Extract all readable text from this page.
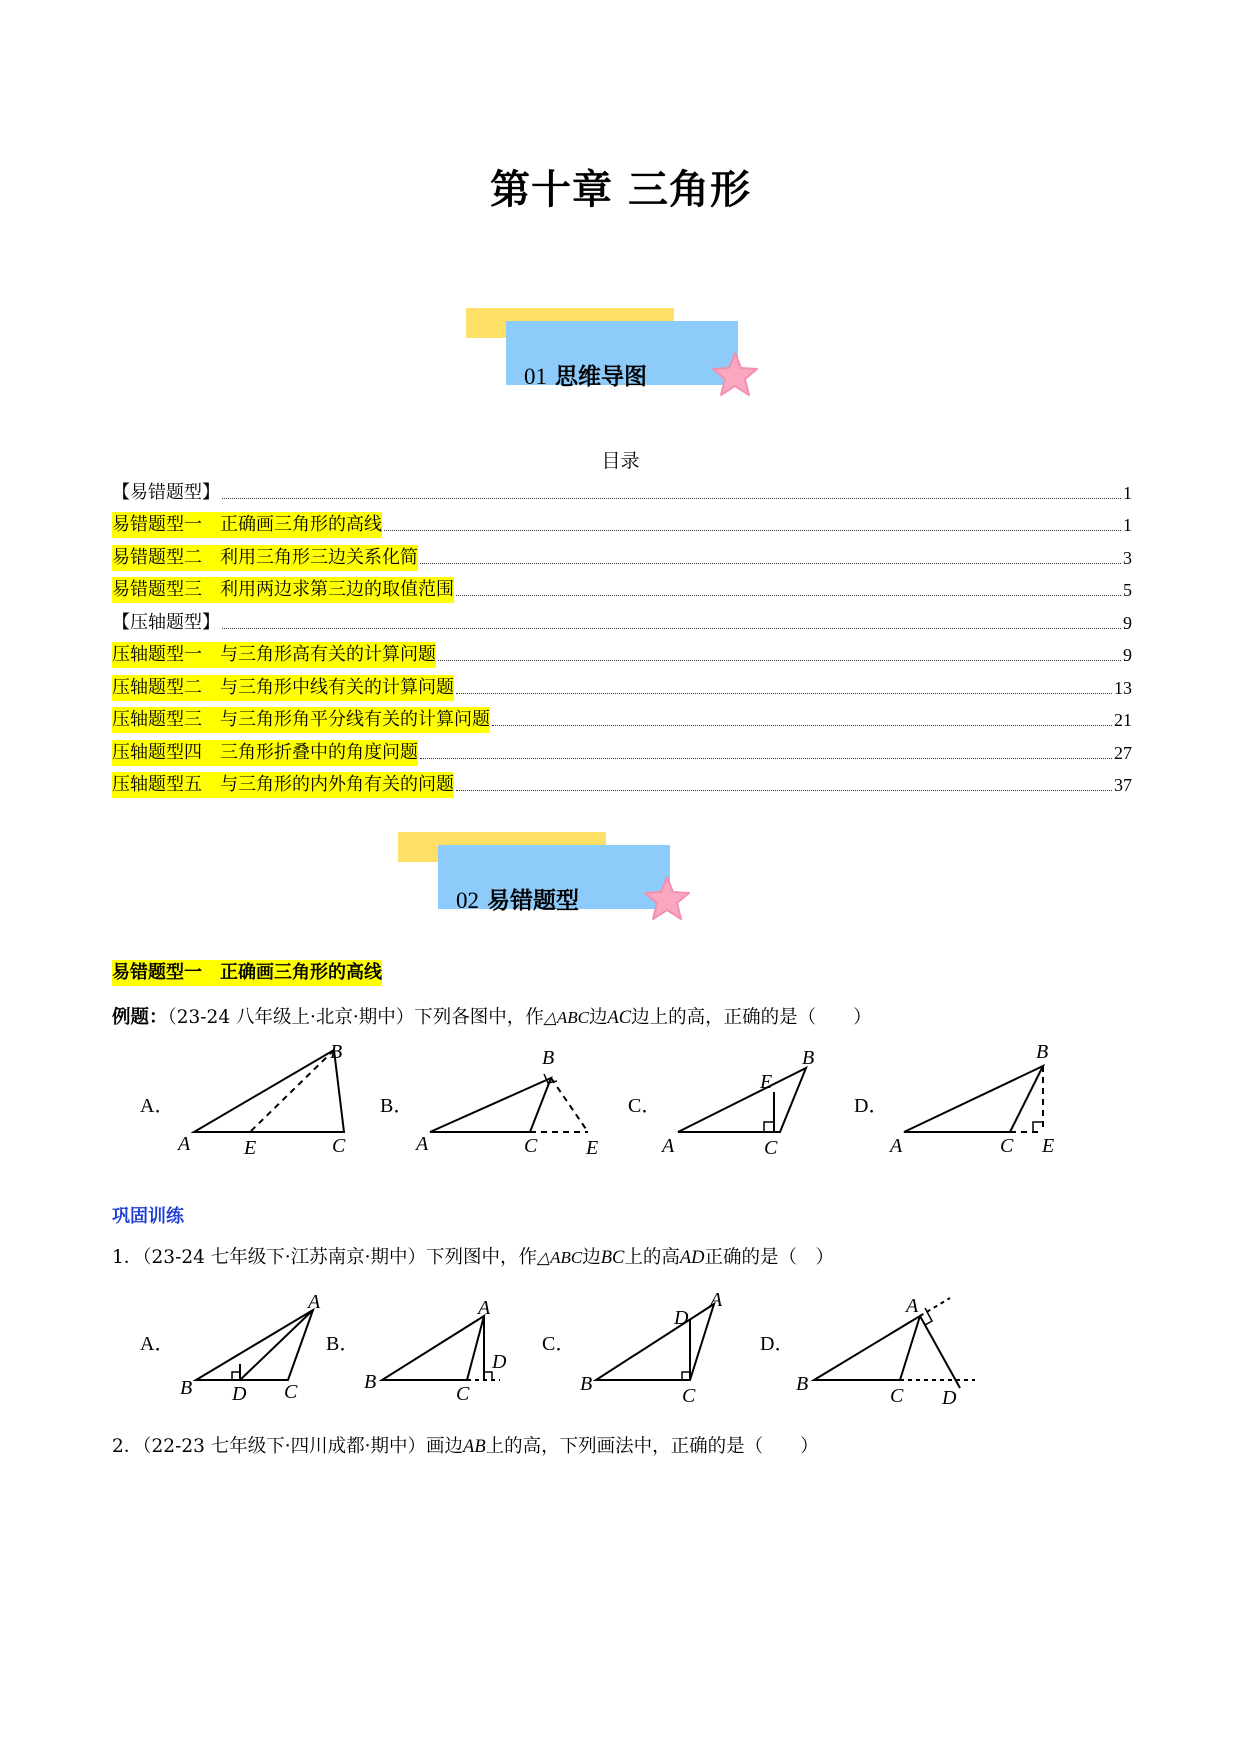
第十章 三角形
01 思维导图
目录
【易错题型】	1
易错题型一　正确画三角形的高线	1
易错题型二　利用三角形三边关系化简	3
易错题型三　利用两边求第三边的取值范围	5
【压轴题型】	9
压轴题型一　与三角形高有关的计算问题	9
压轴题型二　与三角形中线有关的计算问题	13
压轴题型三　与三角形角平分线有关的计算问题	21
压轴题型四　三角形折叠中的角度问题	27
压轴题型五　与三角形的内外角有关的问题	37
02 易错题型
易错题型一　正确画三角形的高线
例题：（23-24 八年级上·北京·期中）下列各图中，作△ABC边AC边上的高，正确的是（　　）
A．
A	E	C
B
B．
A	C E
B
C．
A	C
E
B
D．
A	C E
B
巩固训练
1．（23-24 七年级下·江苏南京·期中）下列图中，作△ABC边BC上的高AD正确的是（　）
A．
B D C
A
B．
B
C
D
A
C．
B
C
D
A
D．
B
C D
A
2．（22-23 七年级下·四川成都·期中）画边AB上的高，下列画法中，正确的是（　　）
